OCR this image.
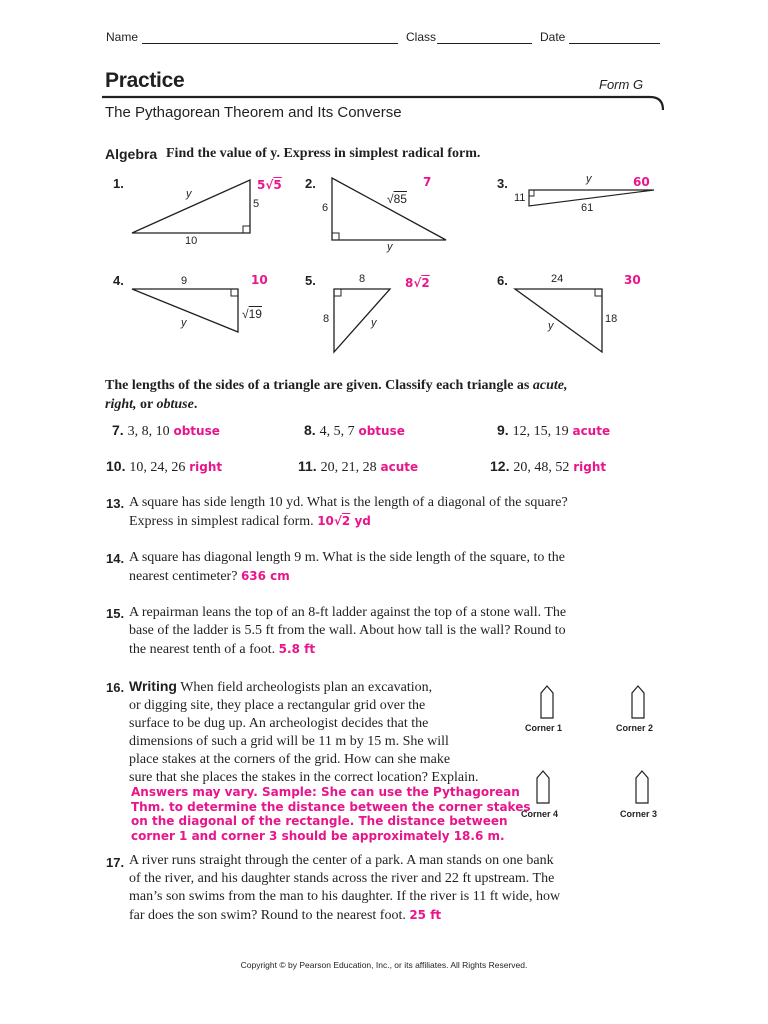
Name	Class	Date
Practice	Form G
The Pythagorean Theorem and Its Converse
Algebra Find the value of y. Express in simplest radical form.
1.
y
5
10
5√5 2.
6
√85
y
7	3.	y
11
61
60
4.	9
√19
y
10	5.	8
8	y
8√2	6.	24
18
y
30
The lengths of the sides of a triangle are given. Classify each triangle as acute,
right, or obtuse.
7. 3, 8, 10 obtuse	8. 4, 5, 7 obtuse	9. 12, 15, 19 acute
10. 10, 24, 26 right	11. 20, 21, 28 acute	12. 20, 48, 52 right
13. A square has side length 10 yd. What is the length of a diagonal of the square?
Express in simplest radical form. 10√2 yd
14. A square has diagonal length 9 m. What is the side length of the square, to the
nearest centimeter? 636 cm
15. A repairman leans the top of an 8-ft ladder against the top of a stone wall. The
base of the ladder is 5.5 ft from the wall. About how tall is the wall? Round to
the nearest tenth of a foot. 5.8 ft
16. Writing When field archeologists plan an excavation,
or digging site, they place a rectangular grid over the
surface to be dug up. An archeologist decides that the
dimensions of such a grid will be 11 m by 15 m. She will
place stakes at the corners of the grid. How can she make
sure that she places the stakes in the correct location? Explain.
Answers may vary. Sample: She can use the Pythagorean
Thm. to determine the distance between the corner stakes
on the diagonal of the rectangle. The distance between
corner 1 and corner 3 should be approximately 18.6 m.
Corner 1	Corner 2
Corner 4	Corner 3
17. A river runs straight through the center of a park. A man stands on one bank
of the river, and his daughter stands across the river and 22 ft upstream. The
man’s son swims from the man to his daughter. If the river is 11 ft wide, how
far does the son swim? Round to the nearest foot. 25 ft
Copyright © by Pearson Education, Inc., or its affiliates. All Rights Reserved.
